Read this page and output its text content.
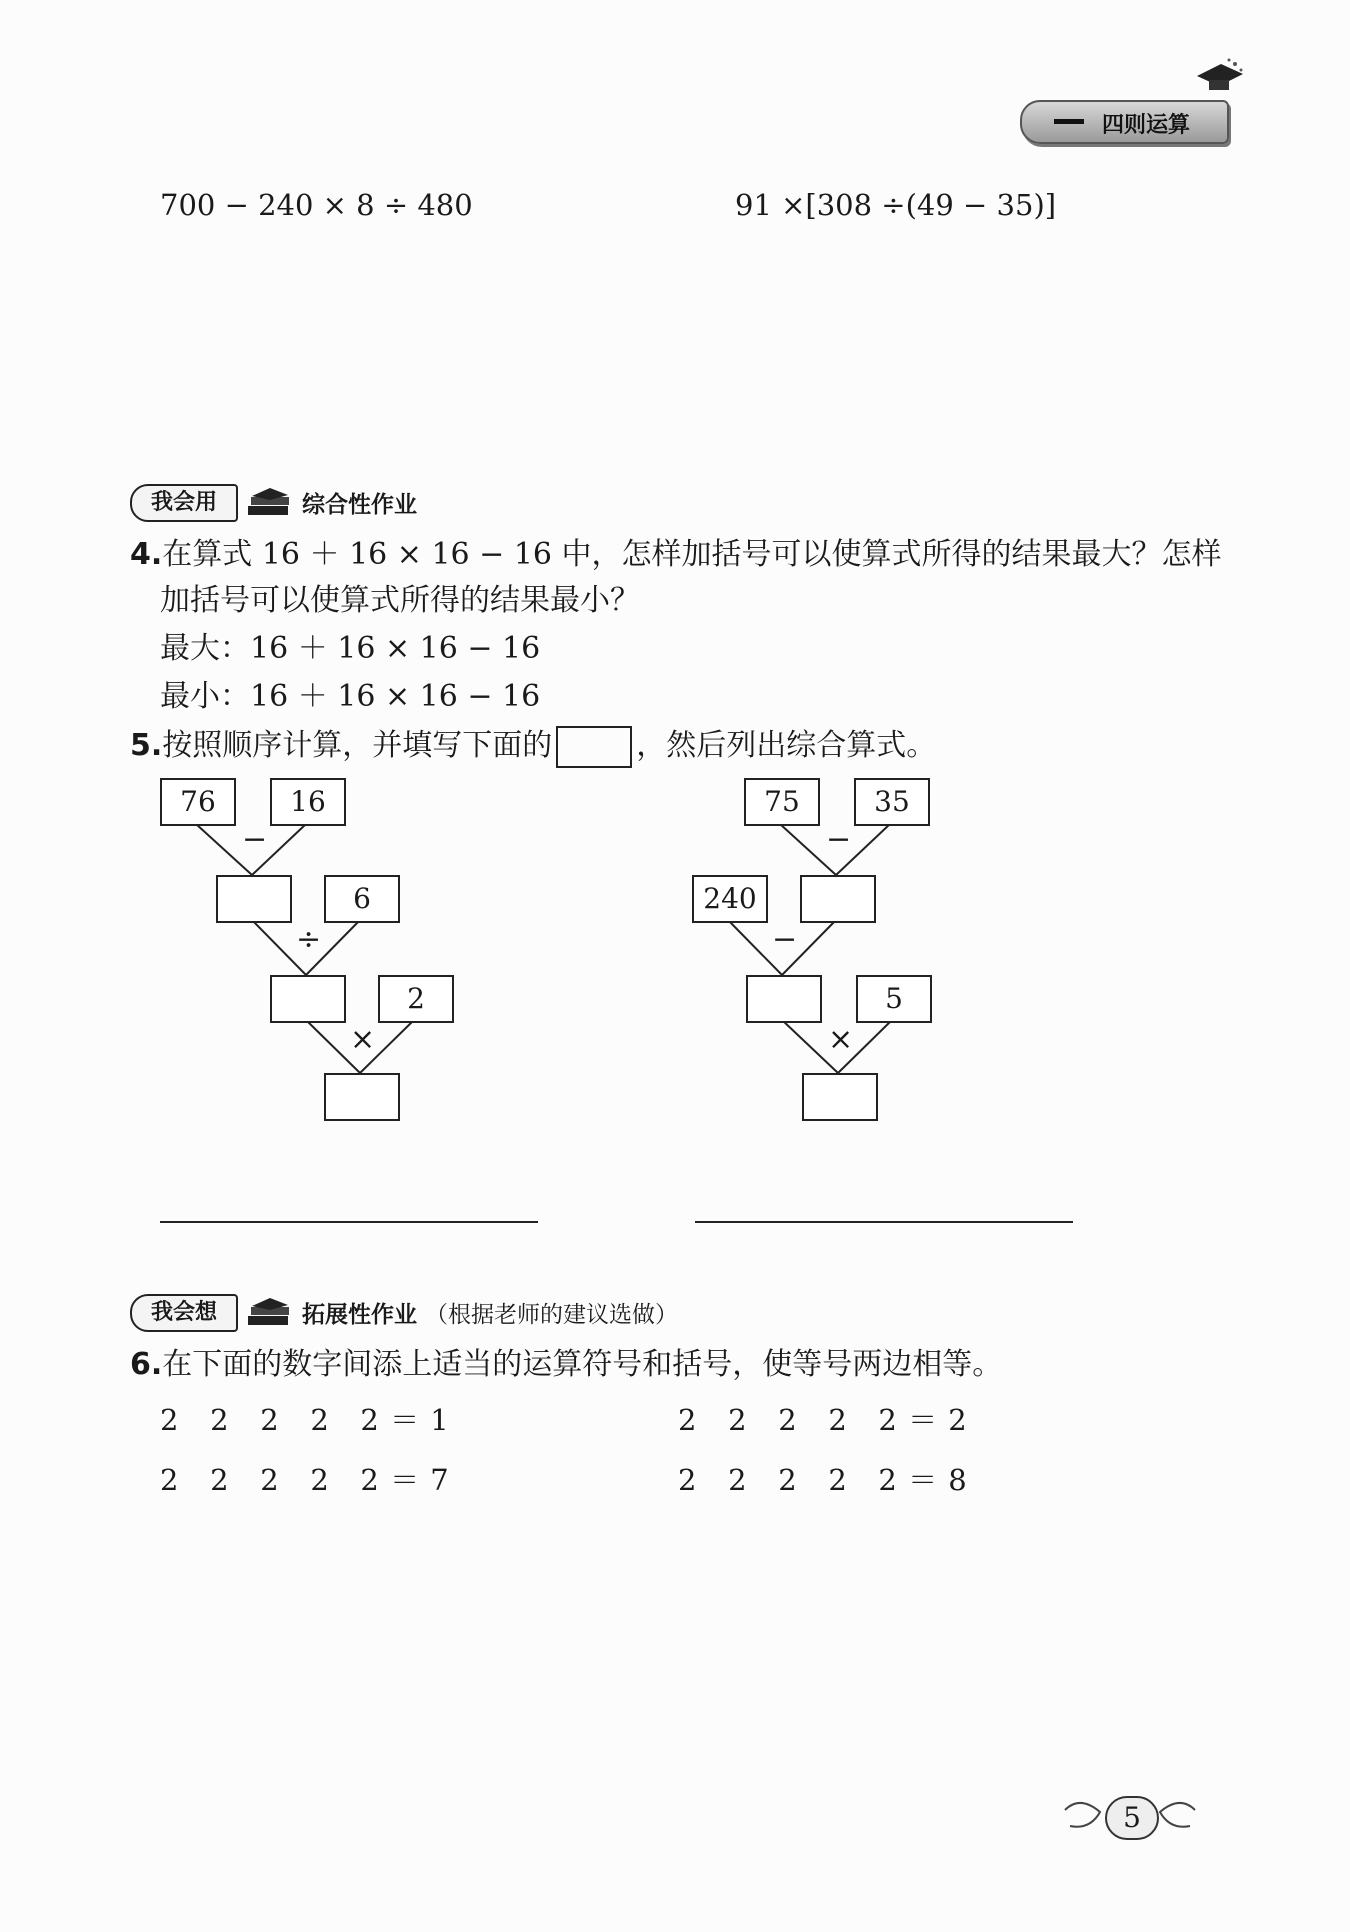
四则运算
700 − 240 × 8 ÷ 480	91 ×[308 ÷(49 − 35)]
我会用	综合性作业
4.在算式 16 ＋ 16 × 16 − 16 中，怎样加括号可以使算式所得的结果最大？怎样
加括号可以使算式所得的结果最小？
最大：16 ＋ 16 × 16 − 16
最小：16 ＋ 16 × 16 − 16
5.按照顺序计算，并填写下面的	，然后列出综合算式。
76	16
−
6
÷
2
×
75	35
−
240
−
5
×
我会想	拓展性作业 （根据老师的建议选做）
6.在下面的数字间添上适当的运算符号和括号，使等号两边相等。
2   2   2   2   2 ＝ 1	2   2   2   2   2 ＝ 2
2   2   2   2   2 ＝ 7	2   2   2   2   2 ＝ 8
5
